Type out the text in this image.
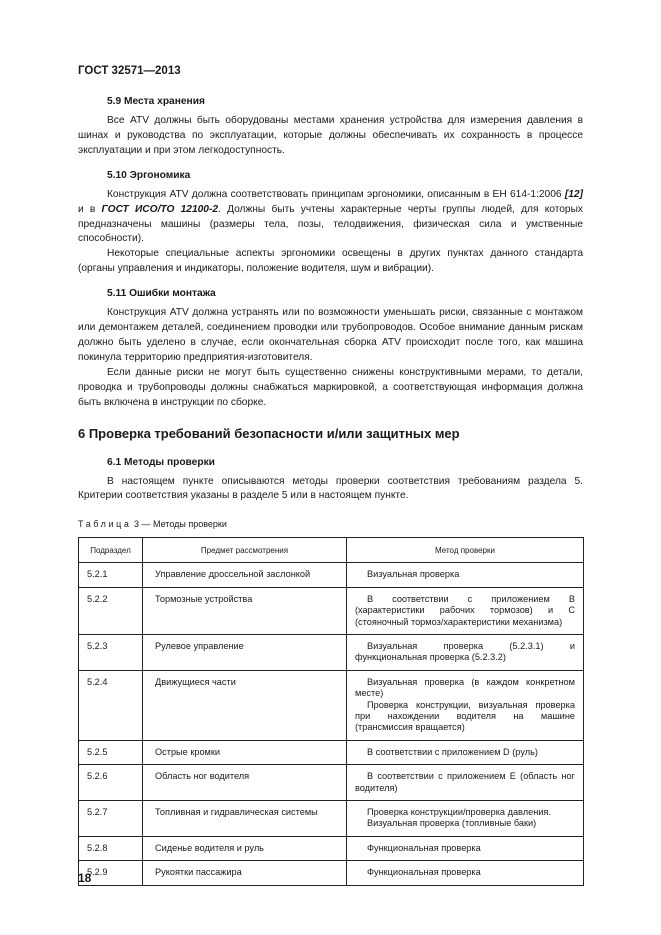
ГОСТ 32571—2013

5.9 Места хранения

Все ATV должны быть оборудованы местами хранения устройства для измерения давления в шинах и руководства по эксплуатации, которые должны обеспечивать их сохранность в процессе эксплуатации и при этом легкодоступность.

5.10 Эргономика

Конструкция ATV должна соответствовать принципам эргономики, описанным в ЕН 614-1:2006 [12] и в ГОСТ ИСО/ТО 12100-2. Должны быть учтены характерные черты группы людей, для которых предназначены машины (размеры тела, позы, телодвижения, физическая сила и умственные способности).

Некоторые специальные аспекты эргономики освещены в других пунктах данного стандарта (органы управления и индикаторы, положение водителя, шум и вибрации).

5.11 Ошибки монтажа

Конструкция ATV должна устранять или по возможности уменьшать риски, связанные с монтажом или демонтажем деталей, соединением проводки или трубопроводов. Особое внимание данным рискам должно быть уделено в случае, если окончательная сборка ATV происходит после того, как машина покинула территорию предприятия-изготовителя.

Если данные риски не могут быть существенно снижены конструктивными мерами, то детали, проводка и трубопроводы должны снабжаться маркировкой, а соответствующая информация должна быть включена в инструкции по сборке.

6 Проверка требований безопасности и/или защитных мер

6.1 Методы проверки

В настоящем пункте описываются методы проверки соответствия требованиям раздела 5. Критерии соответствия указаны в разделе 5 или в настоящем пункте.

Таблица 3 — Методы проверки

Подраздел	Предмет рассмотрения	Метод проверки
5.2.1	Управление дроссельной заслонкой	Визуальная проверка

5.2.2	Тормозные устройства	В соответствии с приложением В (характеристики рабочих тормозов) и С (стояночный тормоз/характеристики механизма)

5.2.3	Рулевое управление	Визуальная проверка (5.2.3.1) и функциональная проверка (5.2.3.2)

5.2.4	Движущиеся части	Визуальная проверка (в каждом конкретном месте)
Проверка конструкции, визуальная проверка при нахождении водителя на машине (трансмиссия вращается)

5.2.5	Острые кромки	В соответствии с приложением D (руль)

5.2.6	Область ног водителя	В соответствии с приложением Е (область ног водителя)

5.2.7	Топливная и гидравлическая системы	Проверка конструкции/проверка давления.
Визуальная проверка (топливные баки)

5.2.8	Сиденье водителя и руль	Функциональная проверка

5.2.9	Рукоятки пассажира	Функциональная проверка
18
